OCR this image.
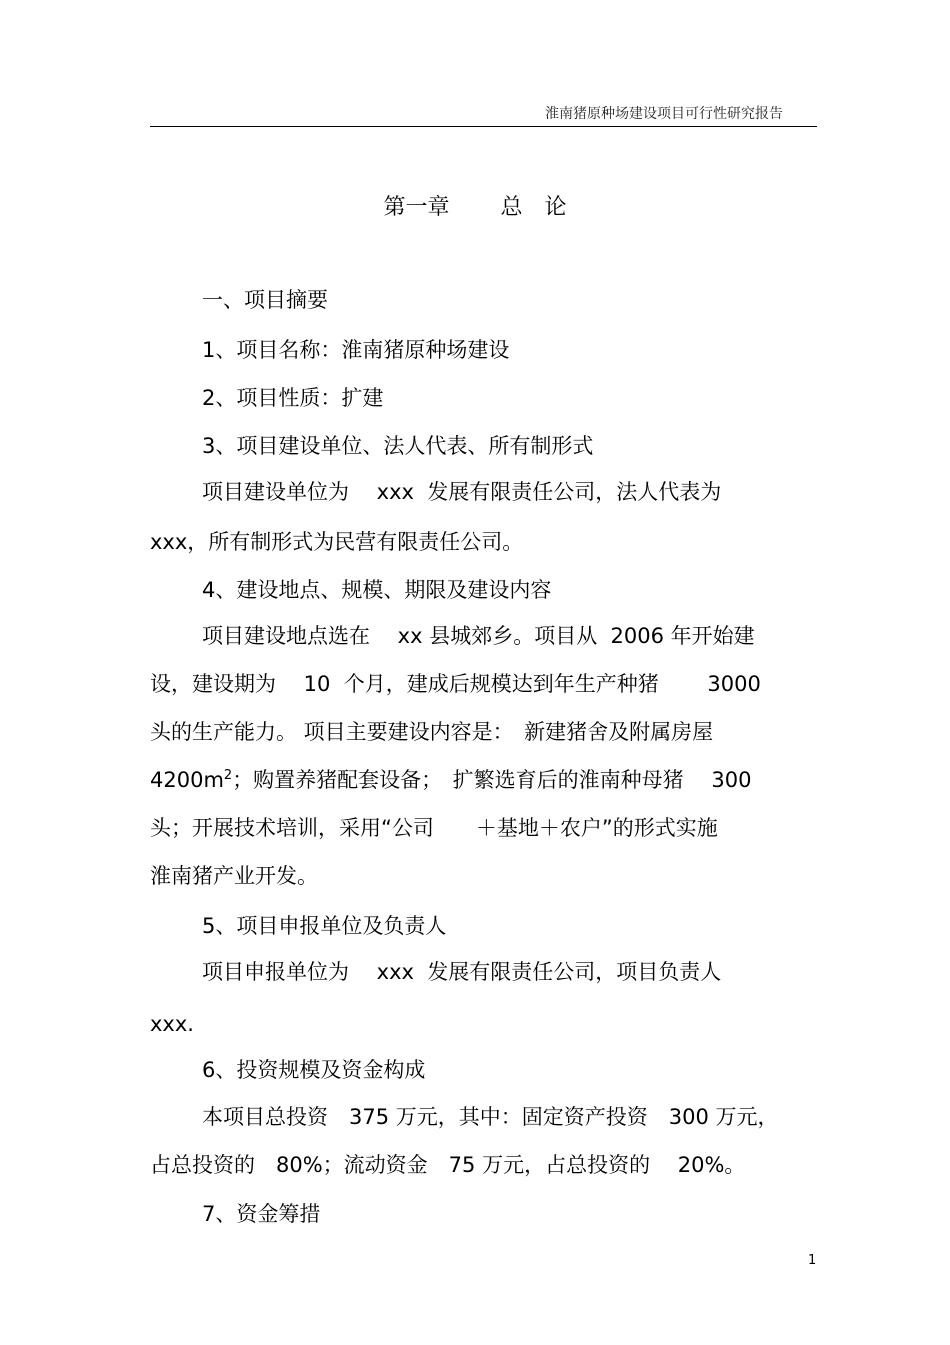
淮南猪原种场建设项目可行性研究报告
第一章　　 总　论
一、项目摘要
1、项目名称：淮南猪原种场建设
2、项目性质：扩建
3、项目建设单位、法人代表、所有制形式
项目建设单位为　 xxx  发展有限责任公司，法人代表为
xxx，所有制形式为民营有限责任公司。
4、建设地点、规模、期限及建设内容
项目建设地点选在　 xx 县城郊乡。项目从  2006 年开始建
设，建设期为　 10  个月，建成后规模达到年生产种猪　　 3000
头的生产能力。 项目主要建设内容是：　新建猪舍及附属房屋
$4200m^2$；购置养猪配套设备；　扩繁选育后的淮南种母猪　 300
头；开展技术培训，采用“公司　　＋基地＋农户”的形式实施
淮南猪产业开发。
5、项目申报单位及负责人
项目申报单位为　 xxx  发展有限责任公司，项目负责人
xxx.
6、投资规模及资金构成
本项目总投资　375 万元，其中：固定资产投资　300 万元，
占总投资的　80%；流动资金　75 万元，占总投资的　 20%。
7、资金筹措
1
